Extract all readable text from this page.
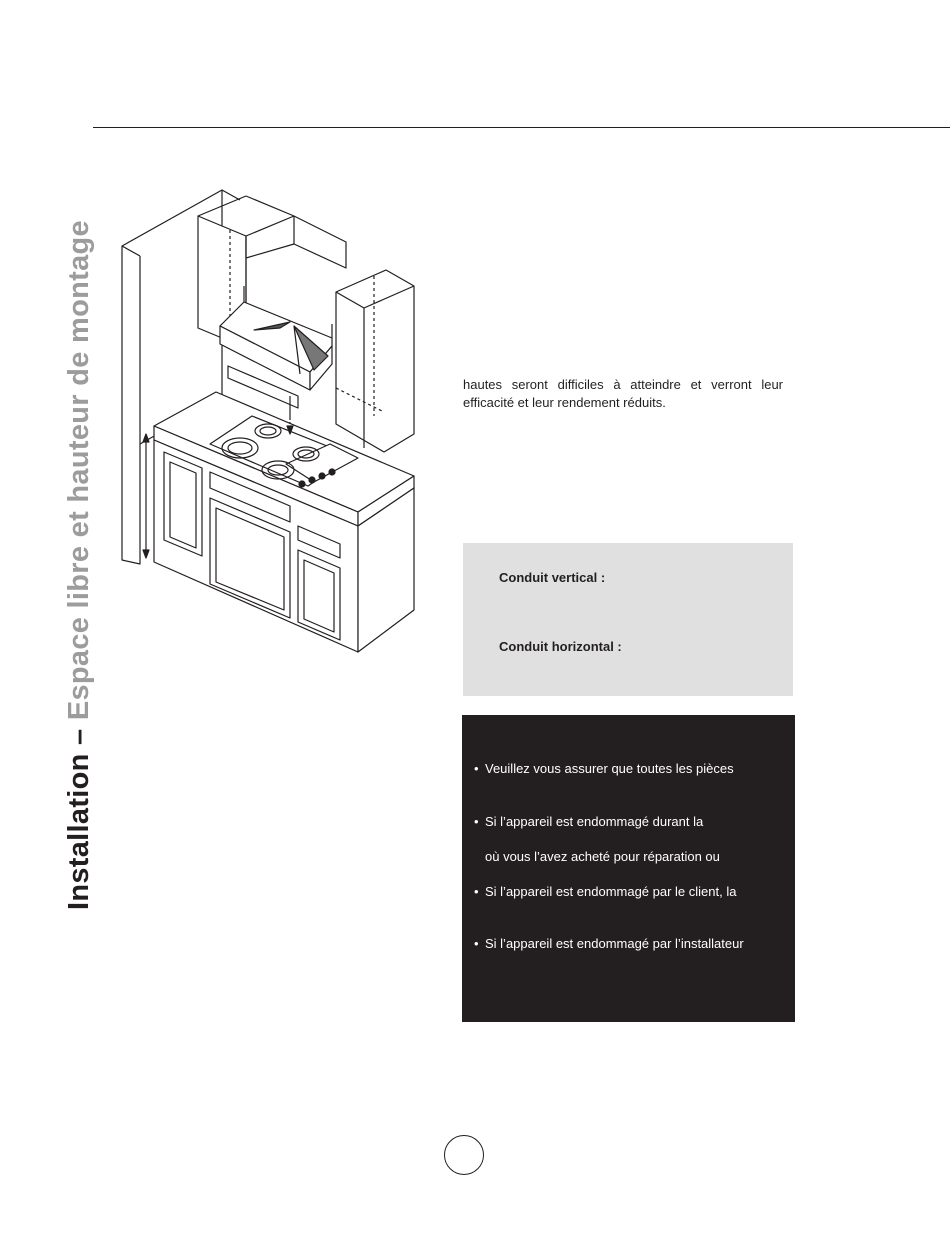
Installation – Espace libre et hauteur de montage	hautes seront difficiles à atteindre et verront leur efficacité et leur rendement réduits.
Conduit vertical :
Conduit horizontal :
• Veuillez vous assurer que toutes les pièces
• Si l’appareil est endommagé durant la
où vous l’avez acheté pour réparation ou
• Si l’appareil est endommagé par le client, la
• Si l’appareil est endommagé par l’installateur
